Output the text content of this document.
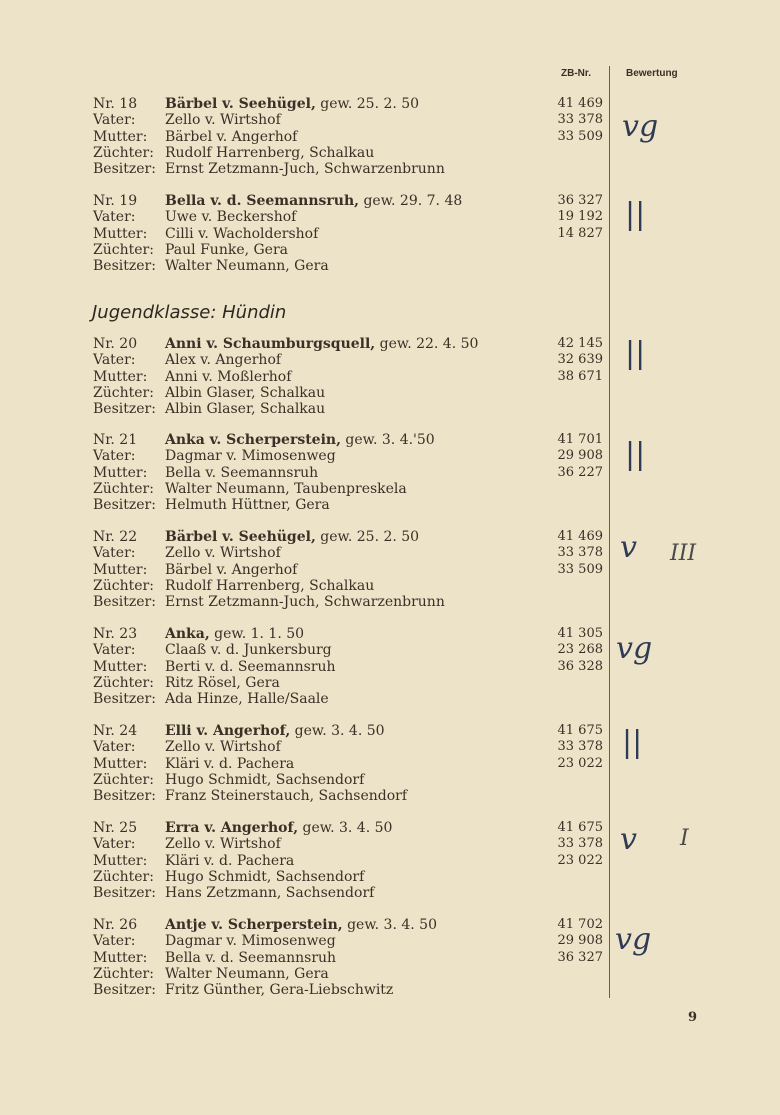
ZB-Nr.	Bewertung
Jugendklasse: Hündin
Nr. 18	Bärbel v. Seehügel, gew. 25. 2. 50	41 469
Vater:	Zello v. Wirtshof	33 378
Mutter:	Bärbel v. Angerhof	33 509
Züchter: Rudolf Harrenberg, Schalkau
Besitzer: Ernst Zetzmann-Juch, Schwarzenbrunn
vg
Nr. 19	Bella v. d. Seemannsruh, gew. 29. 7. 48	36 327
Vater:	Uwe v. Beckershof	19 192
Mutter:	Cilli v. Wacholdershof	14 827
Züchter: Paul Funke, Gera
Besitzer: Walter Neumann, Gera
||
Nr. 20	Anni v. Schaumburgsquell, gew. 22. 4. 50	42 145
Vater:	Alex v. Angerhof	32 639
Mutter:	Anni v. Moßlerhof	38 671
Züchter: Albin Glaser, Schalkau
Besitzer: Albin Glaser, Schalkau
||
Nr. 21	Anka v. Scherperstein, gew. 3. 4.'50	41 701
Vater:	Dagmar v. Mimosenweg	29 908
Mutter:	Bella v. Seemannsruh	36 227
Züchter: Walter Neumann, Taubenpreskela
Besitzer: Helmuth Hüttner, Gera
||
Nr. 22	Bärbel v. Seehügel, gew. 25. 2. 50	41 469
Vater:	Zello v. Wirtshof	33 378
Mutter:	Bärbel v. Angerhof	33 509
Züchter: Rudolf Harrenberg, Schalkau
Besitzer: Ernst Zetzmann-Juch, Schwarzenbrunn
v III
Nr. 23	Anka, gew. 1. 1. 50	41 305
Vater:	Claaß v. d. Junkersburg	23 268
Mutter:	Berti v. d. Seemannsruh	36 328
Züchter: Ritz Rösel, Gera
Besitzer: Ada Hinze, Halle/Saale
vg
Nr. 24	Elli v. Angerhof, gew. 3. 4. 50	41 675
Vater:	Zello v. Wirtshof	33 378
Mutter:	Kläri v. d. Pachera	23 022
Züchter: Hugo Schmidt, Sachsendorf
Besitzer: Franz Steinerstauch, Sachsendorf
||
Nr. 25	Erra v. Angerhof, gew. 3. 4. 50	41 675
Vater:	Zello v. Wirtshof	33 378
Mutter:	Kläri v. d. Pachera	23 022
Züchter: Hugo Schmidt, Sachsendorf
Besitzer: Hans Zetzmann, Sachsendorf
v I
Nr. 26	Antje v. Scherperstein, gew. 3. 4. 50	41 702
Vater:	Dagmar v. Mimosenweg	29 908
Mutter:	Bella v. d. Seemannsruh	36 327
Züchter: Walter Neumann, Gera
Besitzer: Fritz Günther, Gera-Liebschwitz
vg
9
